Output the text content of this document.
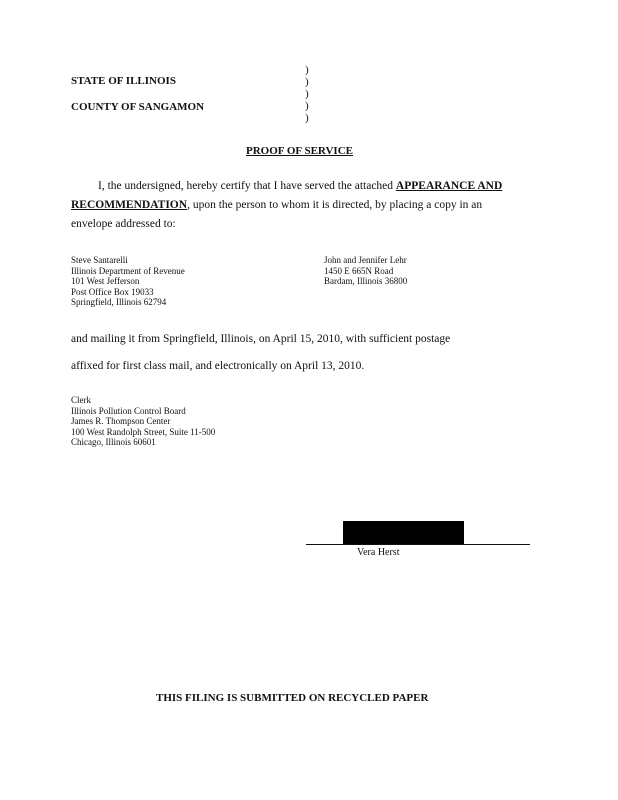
STATE OF ILLINOIS
COUNTY OF SANGAMON
)
)
)
)
)
PROOF OF SERVICE
I, the undersigned, hereby certify that I have served the attached APPEARANCE AND
RECOMMENDATION, upon the person to whom it is directed, by placing a copy in an
envelope addressed to:
Steve Santarelli
Illinois Department of Revenue
101 West Jefferson
Post Office Box 19033
Springfield, Illinois 62794
John and Jennifer Lehr
1450 E 665N Road
Bardam, Illinois 36800
and mailing it from Springfield, Illinois, on April 15, 2010, with sufficient postage
affixed for first class mail, and electronically on April 13, 2010.
Clerk
Illinois Pollution Control Board
James R. Thompson Center
100 West Randolph Street, Suite 11-500
Chicago, Illinois 60601
Vera Herst
THIS FILING IS SUBMITTED ON RECYCLED PAPER
